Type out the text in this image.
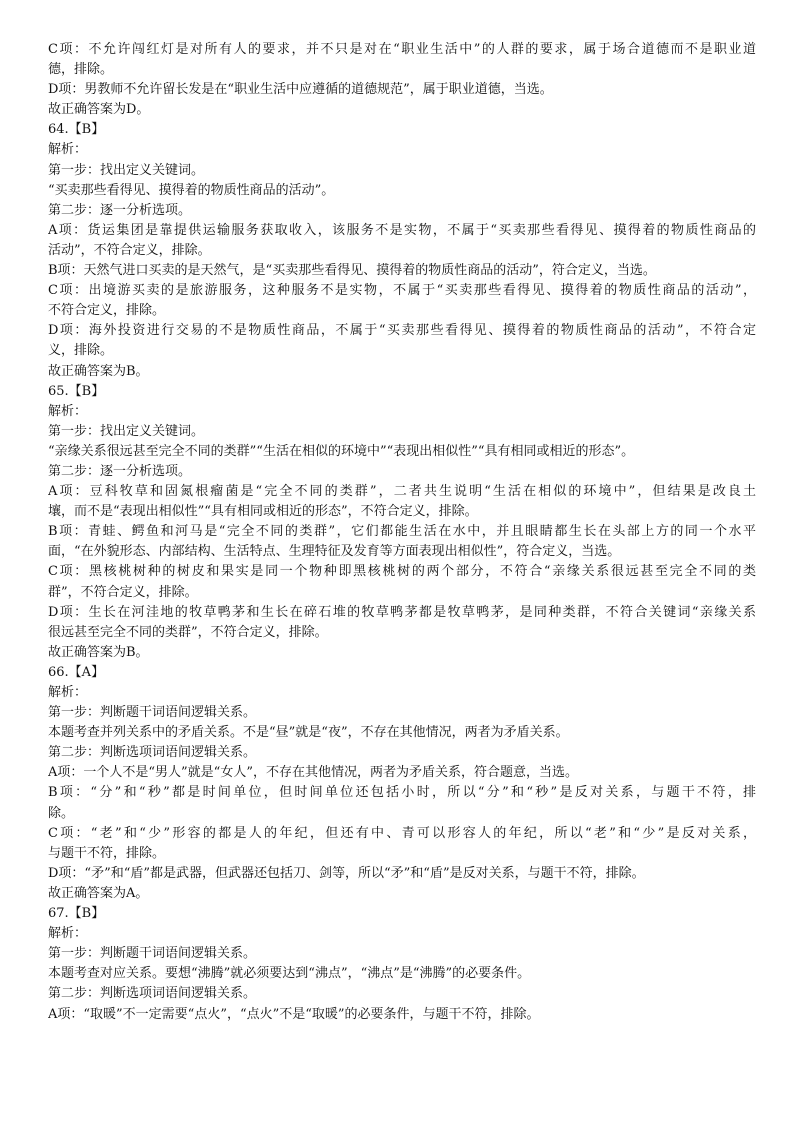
C项：不允许闯红灯是对所有人的要求，并不只是对在“职业生活中”的人群的要求，属于场合道德而不是职业道
德，排除。
D项：男教师不允许留长发是在“职业生活中应遵循的道德规范”，属于职业道德，当选。
故正确答案为D。
64.【B】
解析：
第一步：找出定义关键词。
“买卖那些看得见、摸得着的物质性商品的活动”。
第二步：逐一分析选项。
A项：货运集团是靠提供运输服务获取收入，该服务不是实物，不属于“买卖那些看得见、摸得着的物质性商品的
活动”，不符合定义，排除。
B项：天然气进口买卖的是天然气，是“买卖那些看得见、摸得着的物质性商品的活动”，符合定义，当选。
C项：出境游买卖的是旅游服务，这种服务不是实物，不属于“买卖那些看得见、摸得着的物质性商品的活动”，
不符合定义，排除。
D项：海外投资进行交易的不是物质性商品，不属于“买卖那些看得见、摸得着的物质性商品的活动”，不符合定
义，排除。
故正确答案为B。
65.【B】
解析：
第一步：找出定义关键词。
“亲缘关系很远甚至完全不同的类群”“生活在相似的环境中”“表现出相似性”“具有相同或相近的形态”。
第二步：逐一分析选项。
A项：豆科牧草和固氮根瘤菌是“完全不同的类群”，二者共生说明“生活在相似的环境中”，但结果是改良土
壤，而不是“表现出相似性”“具有相同或相近的形态”，不符合定义，排除。
B项：青蛙、鳄鱼和河马是“完全不同的类群”，它们都能生活在水中，并且眼睛都生长在头部上方的同一个水平
面，“在外貌形态、内部结构、生活特点、生理特征及发育等方面表现出相似性”，符合定义，当选。
C项：黑核桃树种的树皮和果实是同一个物种即黑核桃树的两个部分，不符合“亲缘关系很远甚至完全不同的类
群”，不符合定义，排除。
D项：生长在河洼地的牧草鸭茅和生长在碎石堆的牧草鸭茅都是牧草鸭茅，是同种类群，不符合关键词“亲缘关系
很远甚至完全不同的类群”，不符合定义，排除。
故正确答案为B。
66.【A】
解析：
第一步：判断题干词语间逻辑关系。
本题考查并列关系中的矛盾关系。不是“昼”就是“夜”，不存在其他情况，两者为矛盾关系。
第二步：判断选项词语间逻辑关系。
A项：一个人不是“男人”就是“女人”，不存在其他情况，两者为矛盾关系，符合题意，当选。
B项：“分”和“秒”都是时间单位，但时间单位还包括小时，所以“分”和“秒”是反对关系，与题干不符，排
除。
C项：“老”和“少”形容的都是人的年纪，但还有中、青可以形容人的年纪，所以“老”和“少”是反对关系，
与题干不符，排除。
D项：“矛”和“盾”都是武器，但武器还包括刀、剑等，所以“矛”和“盾”是反对关系，与题干不符，排除。
故正确答案为A。
67.【B】
解析：
第一步：判断题干词语间逻辑关系。
本题考查对应关系。要想“沸腾”就必须要达到“沸点”，“沸点”是“沸腾”的必要条件。
第二步：判断选项词语间逻辑关系。
A项：“取暖”不一定需要“点火”，“点火”不是“取暖”的必要条件，与题干不符，排除。
